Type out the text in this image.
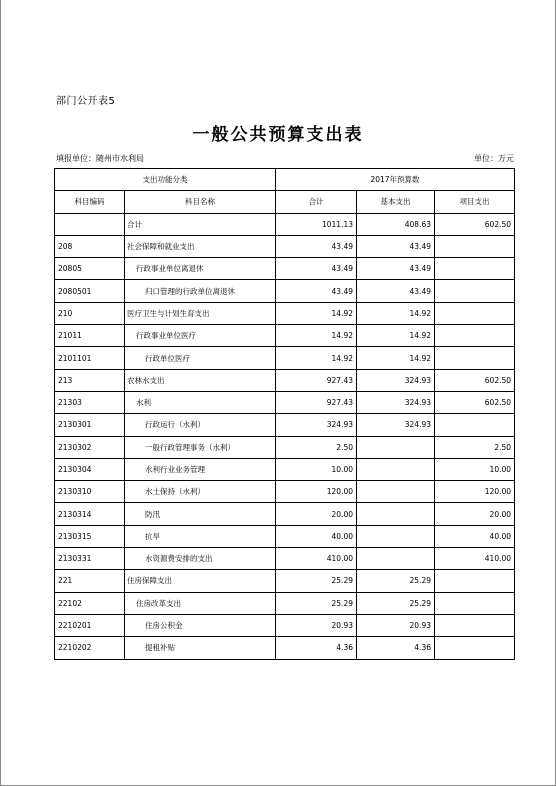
部门公开表5
一般公共预算支出表
填报单位：随州市水利局	单位：万元
支出功能分类		2017年预算数		
科目编码	科目名称	合计	基本支出	项目支出
	合计	1011.13	408.63	602.50
208	社会保障和就业支出	43.49	43.49	
20805	行政事业单位离退休	43.49	43.49	
2080501	归口管理的行政单位离退休	43.49	43.49	
210	医疗卫生与计划生育支出	14.92	14.92	
21011	行政事业单位医疗	14.92	14.92	
2101101	行政单位医疗	14.92	14.92	
213	农林水支出	927.43	324.93	602.50
21303	水利	927.43	324.93	602.50
2130301	行政运行（水利）	324.93	324.93	
2130302	一般行政管理事务（水利）	2.50		2.50
2130304	水利行业业务管理	10.00		10.00
2130310	水土保持（水利）	120.00		120.00
2130314	防汛	20.00		20.00
2130315	抗旱	40.00		40.00
2130331	水资源费安排的支出	410.00		410.00
221	住房保障支出	25.29	25.29	
22102	住房改革支出	25.29	25.29	
2210201	住房公积金	20.93	20.93	
2210202	提租补贴	4.36	4.36	
